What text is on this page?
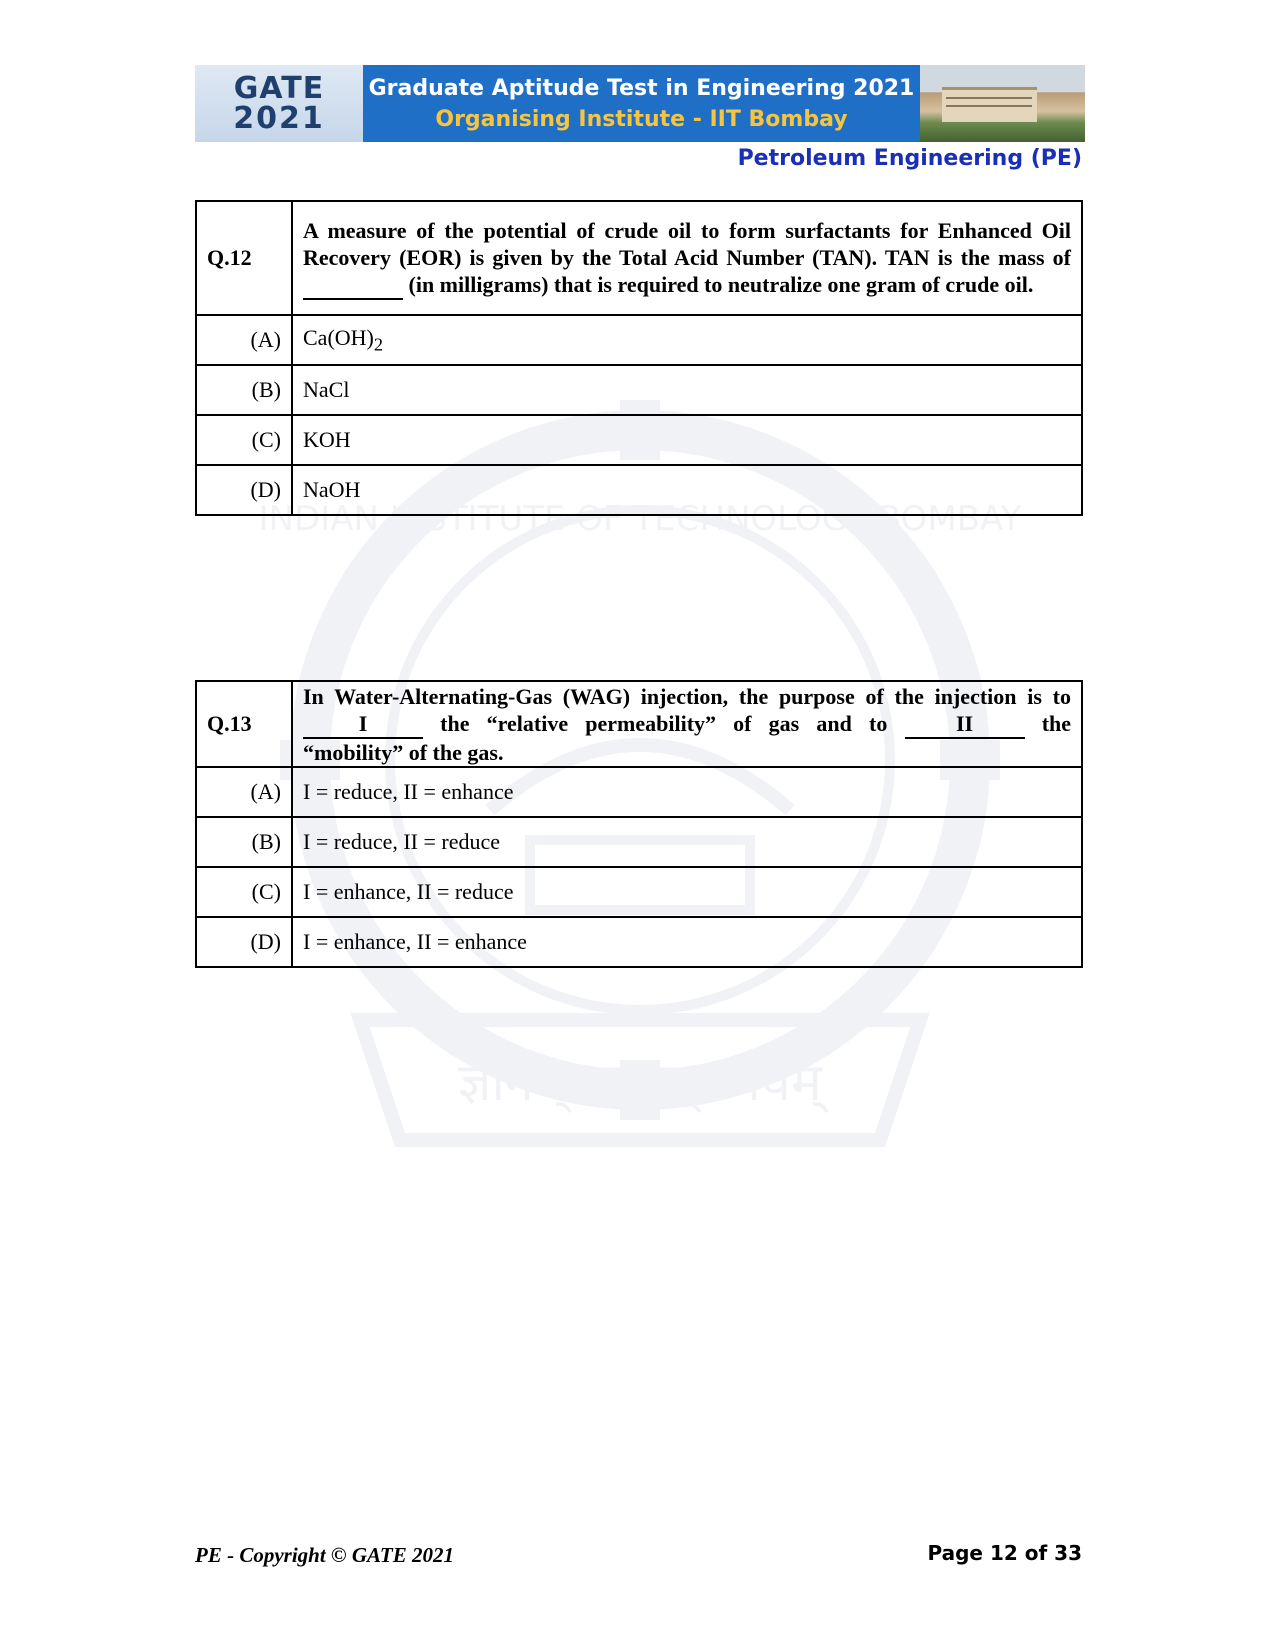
ज्ञानम् परमम् ध्येयम्
INDIAN INSTITUTE OF TECHNOLOGY BOMBAY
GATE
2021
Graduate Aptitude Test in Engineering 2021
Organising Institute - IIT Bombay
Petroleum Engineering (PE)
Q.12	A measure of the potential of crude oil to form surfactants for Enhanced Oil Recovery (EOR) is given by the Total Acid Number (TAN). TAN is the mass of   (in milligrams) that is required to neutralize one gram of crude oil.
(A)	$Ca(OH)_2$
(B)	NaCl
(C)	KOH
(D)	NaOH
Q.13	In Water-Alternating-Gas (WAG) injection, the purpose of the injection is to I the “relative permeability” of gas and to II the “mobility” of the gas.
(A)	I = reduce, II = enhance
(B)	I = reduce, II = reduce
(C)	I = enhance, II = reduce
(D)	I = enhance, II = enhance
PE - Copyright © GATE 2021	Page 12 of 33
